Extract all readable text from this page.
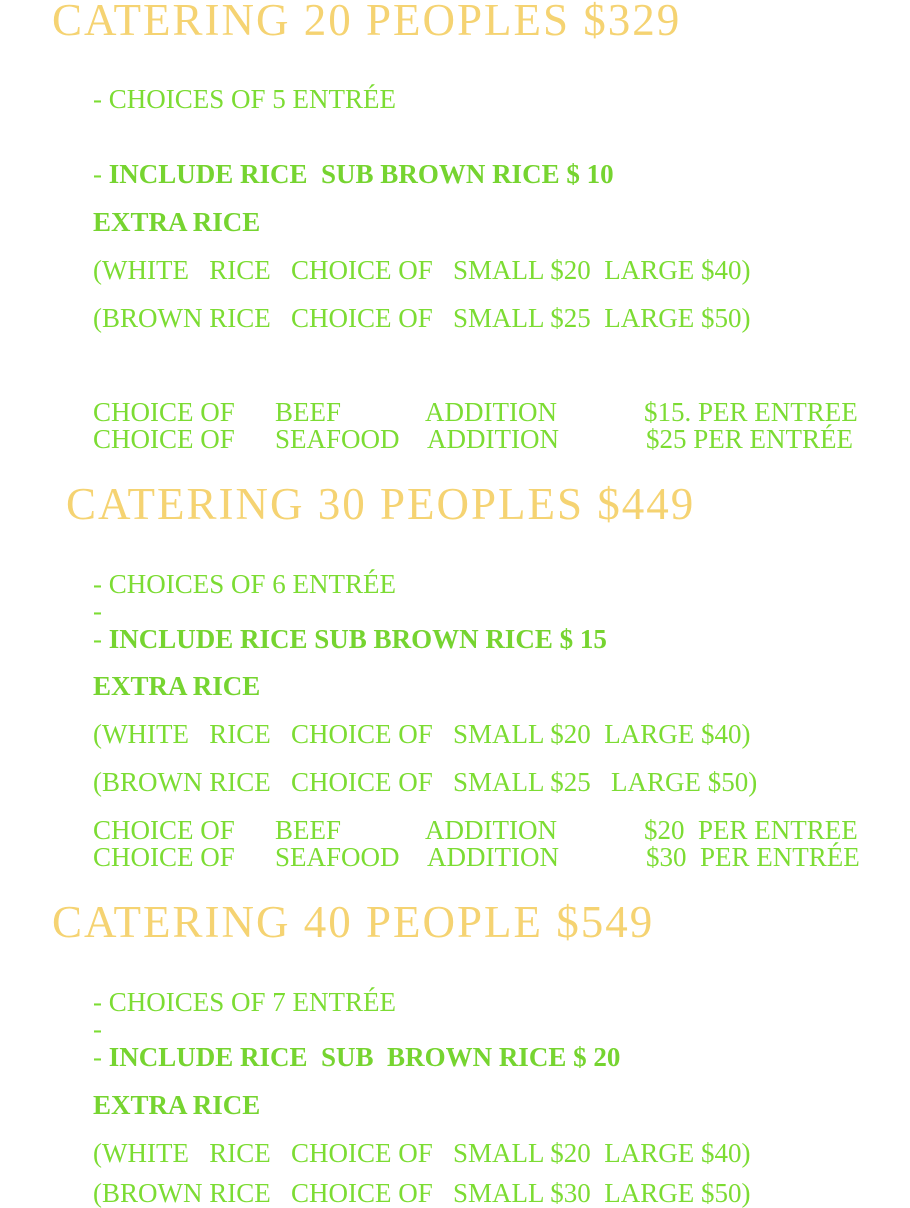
CATERING 20 PEOPLES $329

- CHOICES OF 5 ENTRÉE

- INCLUDE RICE  SUB BROWN RICE $ 10

EXTRA RICE

(WHITE   RICE   CHOICE OF   SMALL $20  LARGE $40)

(BROWN RICE   CHOICE OF   SMALL $25  LARGE $50)

CHOICE OF BEEF	ADDITION	$15. PER ENTREE
CHOICE OF SEAFOOD ADDITION	$25 PER ENTRÉE
CATERING 30 PEOPLES $449

- CHOICES OF 6 ENTRÉE

-

- INCLUDE RICE SUB BROWN RICE $ 15

EXTRA RICE

(WHITE   RICE   CHOICE OF   SMALL $20  LARGE $40)

(BROWN RICE   CHOICE OF   SMALL $25   LARGE $50)

CHOICE OF BEEF	ADDITION	$20  PER ENTREE
CHOICE OF SEAFOOD ADDITION	$30  PER ENTRÉE
CATERING 40 PEOPLE $549

- CHOICES OF 7 ENTRÉE

-

- INCLUDE RICE  SUB  BROWN RICE $ 20

EXTRA RICE

(WHITE   RICE   CHOICE OF   SMALL $20  LARGE $40)

(BROWN RICE   CHOICE OF   SMALL $30  LARGE $50)
